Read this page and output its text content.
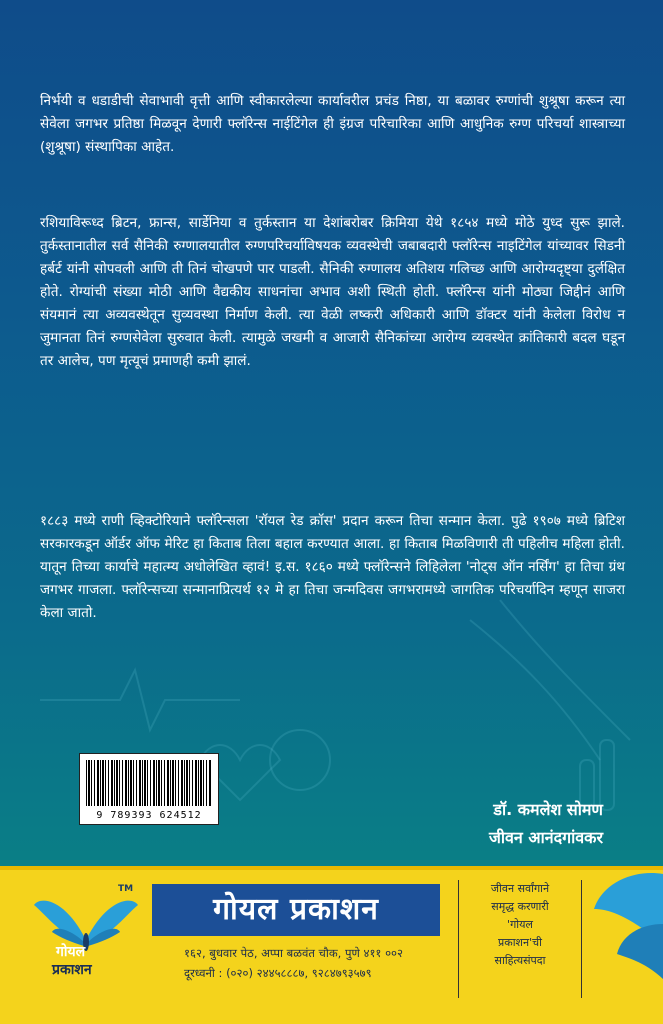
निर्भयी व धडाडीची सेवाभावी वृत्ती आणि स्वीकारलेल्या कार्यावरील प्रचंड निष्ठा, या बळावर रुग्णांची शुश्रूषा करून त्या सेवेला जगभर प्रतिष्ठा मिळवून देणारी फ्लॉरेन्स नाईटिंगेल ही इंग्रज परिचारिका आणि आधुनिक रुग्ण परिचर्या शास्त्राच्या (शुश्रूषा) संस्थापिका आहेत.
रशियाविरूध्द ब्रिटन, फ्रान्स, सार्डेनिया व तुर्कस्तान या देशांबरोबर क्रिमिया येथे १८५४ मध्ये मोठे युध्द सुरू झाले. तुर्कस्तानातील सर्व सैनिकी रुग्णालयातील रुग्णपरिचर्याविषयक व्यवस्थेची जबाबदारी फ्लॉरेन्स नाइटिंगेल यांच्यावर सिडनी हर्बर्ट यांनी सोपवली आणि ती तिनं चोखपणे पार पाडली. सैनिकी रुग्णालय अतिशय गलिच्छ आणि आरोग्यदृष्ट्या दुर्लक्षित होते. रोग्यांची संख्या मोठी आणि वैद्यकीय साधनांचा अभाव अशी स्थिती होती. फ्लॉरेन्स यांनी मोठ्या जिद्दीनं आणि संयमानं त्या अव्यवस्थेतून सुव्यवस्था निर्माण केली. त्या वेळी लष्करी अधिकारी आणि डॉक्टर यांनी केलेला विरोध न जुमानता तिनं रुग्णसेवेला सुरुवात केली. त्यामुळे जखमी व आजारी सैनिकांच्या आरोग्य व्यवस्थेत क्रांतिकारी बदल घडून तर आलेच, पण मृत्यूचं प्रमाणही कमी झालं.
१८८३ मध्ये राणी व्हिक्टोरियाने फ्लॉरेन्सला 'रॉयल रेड क्रॉस' प्रदान करून तिचा सन्मान केला. पुढे १९०७ मध्ये ब्रिटिश सरकारकडून ऑर्डर ऑफ मेरिट हा किताब तिला बहाल करण्यात आला. हा किताब मिळविणारी ती पहिलीच महिला होती. यातून तिच्या कार्याचे महात्म्य अधोलेखित व्हावं! इ.स. १८६० मध्ये फ्लॉरेन्सने लिहिलेला 'नोट्स ऑन नर्सिंग' हा तिचा ग्रंथ जगभर गाजला. फ्लॉरेन्सच्या सन्मानाप्रित्यर्थ १२ मे हा तिचा जन्मदिवस जगभरामध्ये जागतिक परिचर्यादिन म्हणून साजरा केला जातो.
9 789393 624512	डॉ. कमलेश सोमण
जीवन आनंदगांवकर
TM
गोयल
प्रकाशन
गोयल प्रकाशन
१६२, बुधवार पेठ, अप्पा बळवंत चौक, पुणे ४११ ००२
दूरध्वनी : (०२०) २४४५८८८७, ९२८४७९३५७९
जीवन सर्वांगाने
समृद्ध करणारी
'गोयल
प्रकाशन'ची
साहित्यसंपदा
